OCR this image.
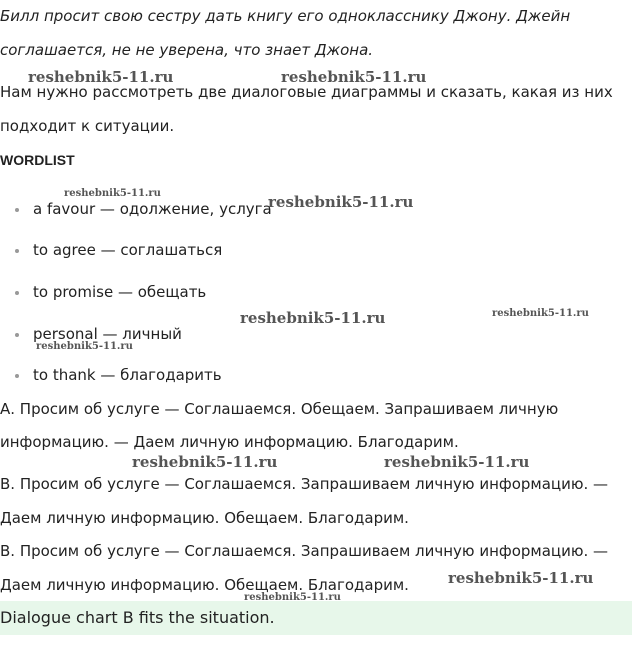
Билл просит свою сестру дать книгу его однокласснику Джону. Джейн
соглашается, не не уверена, что знает Джона.
Нам нужно рассмотреть две диалоговые диаграммы и сказать, какая из них
подходит к ситуации.
WORDLIST
a favour — одолжение, услуга
to agree — соглашаться
to promise — обещать
personal — личный
to thank — благодарить
А. Просим об услуге — Соглашаемся. Обещаем. Запрашиваем личную
информацию. — Даем личную информацию. Благодарим.
В. Просим об услуге — Соглашаемся. Запрашиваем личную информацию. —
Даем личную информацию. Обещаем. Благодарим.
В. Просим об услуге — Соглашаемся. Запрашиваем личную информацию. —
Даем личную информацию. Обещаем. Благодарим.
Dialogue chart B fits the situation.
reshebnik5-11.ru	reshebnik5-11.ru
reshebnik5-11.ru	reshebnik5-11.ru
reshebnik5-11.ru	reshebnik5-11.ru
reshebnik5-11.ru
reshebnik5-11.ru	reshebnik5-11.ru
reshebnik5-11.ru
reshebnik5-11.ru
